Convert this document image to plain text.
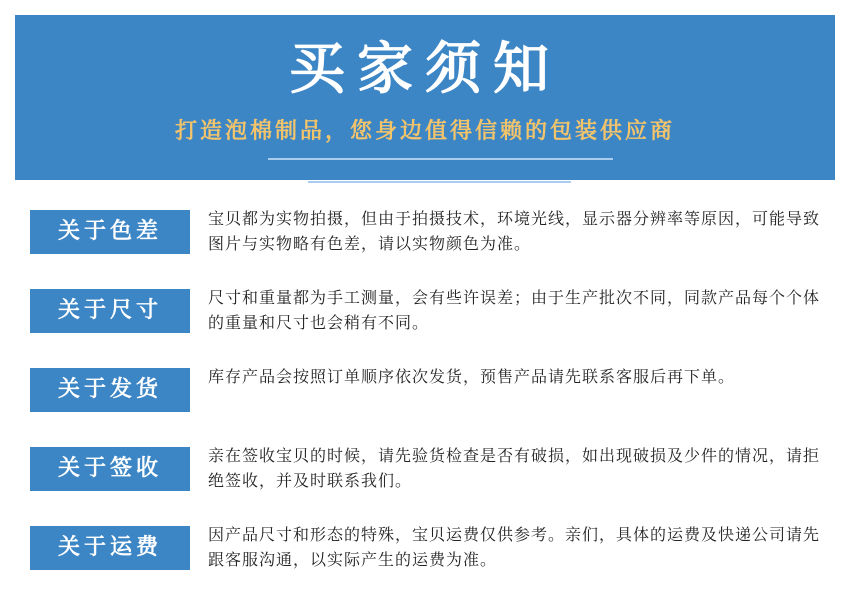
买家须知
打造泡棉制品，您身边值得信赖的包装供应商
关于色差
宝贝都为实物拍摄，但由于拍摄技术，环境光线，显示器分辨率等原因，可能导致图片与实物略有色差，请以实物颜色为准。
关于尺寸
尺寸和重量都为手工测量，会有些许误差；由于生产批次不同，同款产品每个个体的重量和尺寸也会稍有不同。
关于发货
库存产品会按照订单顺序依次发货，预售产品请先联系客服后再下单。
关于签收
亲在签收宝贝的时候，请先验货检查是否有破损，如出现破损及少件的情况，请拒绝签收，并及时联系我们。
关于运费
因产品尺寸和形态的特殊，宝贝运费仅供参考。亲们，具体的运费及快递公司请先跟客服沟通，以实际产生的运费为准。
